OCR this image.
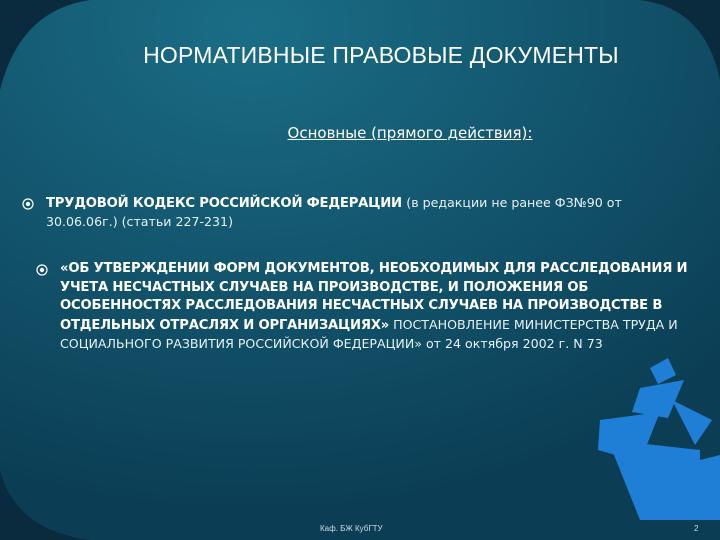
НОРМАТИВНЫЕ ПРАВОВЫЕ ДОКУМЕНТЫ
Основные (прямого действия):
ТРУДОВОЙ КОДЕКС РОССИЙСКОЙ ФЕДЕРАЦИИ (в редакции не ранее ФЗ№90 от 30.06.06г.) (статьи 227-231)
«ОБ УТВЕРЖДЕНИИ ФОРМ ДОКУМЕНТОВ, НЕОБХОДИМЫХ ДЛЯ РАССЛЕДОВАНИЯ И УЧЕТА НЕСЧАСТНЫХ СЛУЧАЕВ НА ПРОИЗВОДСТВЕ, И ПОЛОЖЕНИЯ ОБ ОСОБЕННОСТЯХ РАССЛЕДОВАНИЯ НЕСЧАСТНЫХ СЛУЧАЕВ НА ПРОИЗВОДСТВЕ В ОТДЕЛЬНЫХ ОТРАСЛЯХ И ОРГАНИЗАЦИЯХ» ПОСТАНОВЛЕНИЕ МИНИСТЕРСТВА ТРУДА И СОЦИАЛЬНОГО РАЗВИТИЯ РОССИЙСКОЙ ФЕДЕРАЦИИ» от 24 октября 2002 г. N 73
Каф. БЖ КубГТУ	2
